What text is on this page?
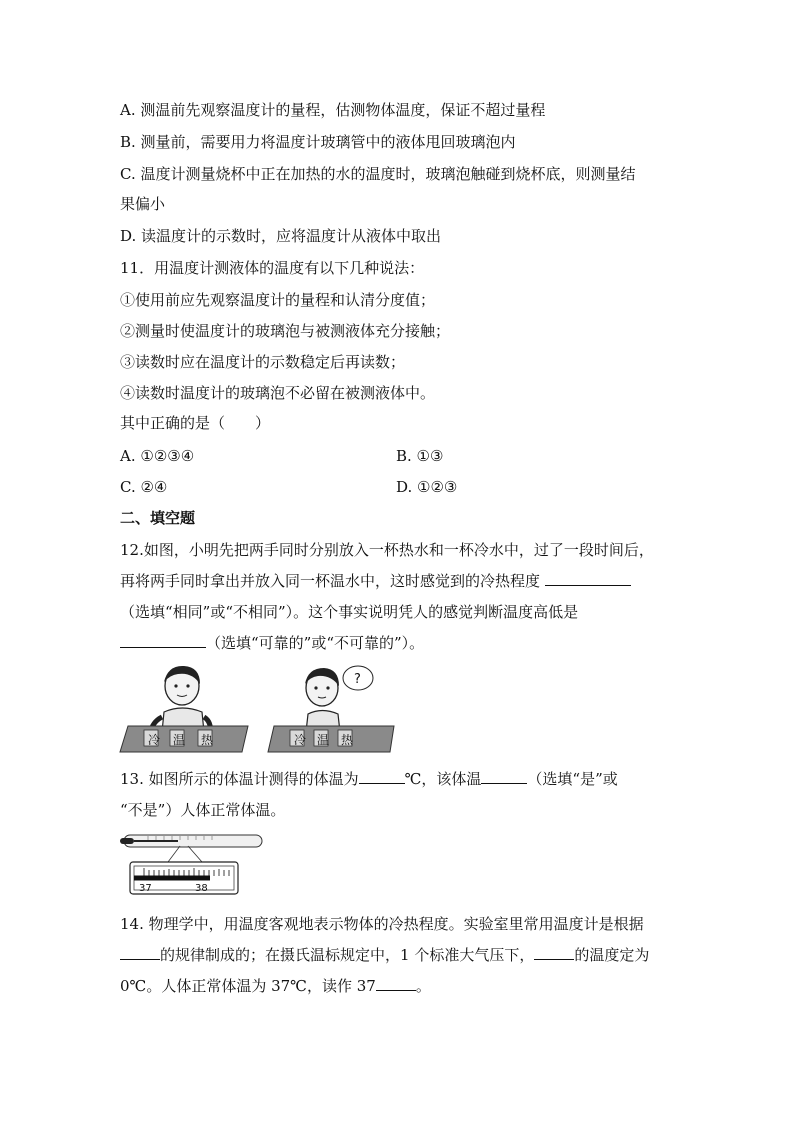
A. 测温前先观察温度计的量程，估测物体温度，保证不超过量程
B. 测量前，需要用力将温度计玻璃管中的液体甩回玻璃泡内
C. 温度计测量烧杯中正在加热的水的温度时，玻璃泡触碰到烧杯底，则测量结
果偏小
D. 读温度计的示数时，应将温度计从液体中取出
11．用温度计测液体的温度有以下几种说法：
①使用前应先观察温度计的量程和认清分度值；
②测量时使温度计的玻璃泡与被测液体充分接触；
③读数时应在温度计的示数稳定后再读数；
④读数时温度计的玻璃泡不必留在被测液体中。
其中正确的是（　　）
A. ①②③④	B. ①③
C. ②④	D. ①②③
二、填空题
12.如图，小明先把两手同时分别放入一杯热水和一杯冷水中，过了一段时间后，
再将两手同时拿出并放入同一杯温水中，这时感觉到的冷热程度
（选填“相同”或“不相同”）。这个事实说明凭人的感觉判断温度高低是
（选填“可靠的”或“不可靠的”）。
冷 温 热
?
冷 温 热
13. 如图所示的体温计测得的体温为	℃，该体温	（选填“是”或
“不是”）人体正常体温。
37	38
14. 物理学中，用温度客观地表示物体的冷热程度。实验室里常用温度计是根据
的规律制成的；在摄氏温标规定中，1 个标准大气压下，	的温度定为
0℃。人体正常体温为 37℃，读作 37	。
